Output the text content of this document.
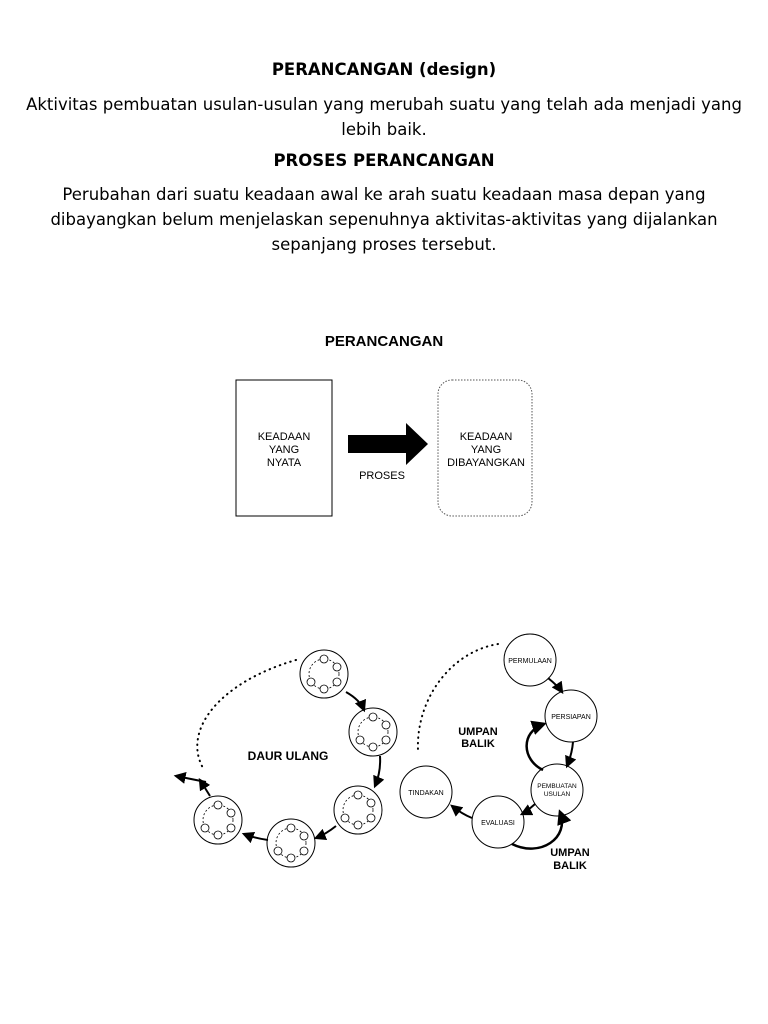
PERANCANGAN (design)
Aktivitas pembuatan usulan-usulan yang merubah suatu yang telah ada menjadi yang lebih baik.
PROSES PERANCANGAN
Perubahan dari suatu keadaan awal ke arah suatu keadaan masa depan yang dibayangkan belum menjelaskan sepenuhnya aktivitas-aktivitas yang dijalankan sepanjang proses tersebut.
PERANCANGAN
KEADAAN
YANG
NYATA
PROSES
KEADAAN
YANG
DIBAYANGKAN
DAUR ULANG
PERMULAAN
PERSIAPAN
PEMBUATAN
USULAN
EVALUASI
TINDAKAN
UMPAN
BALIK
UMPAN
BALIK
